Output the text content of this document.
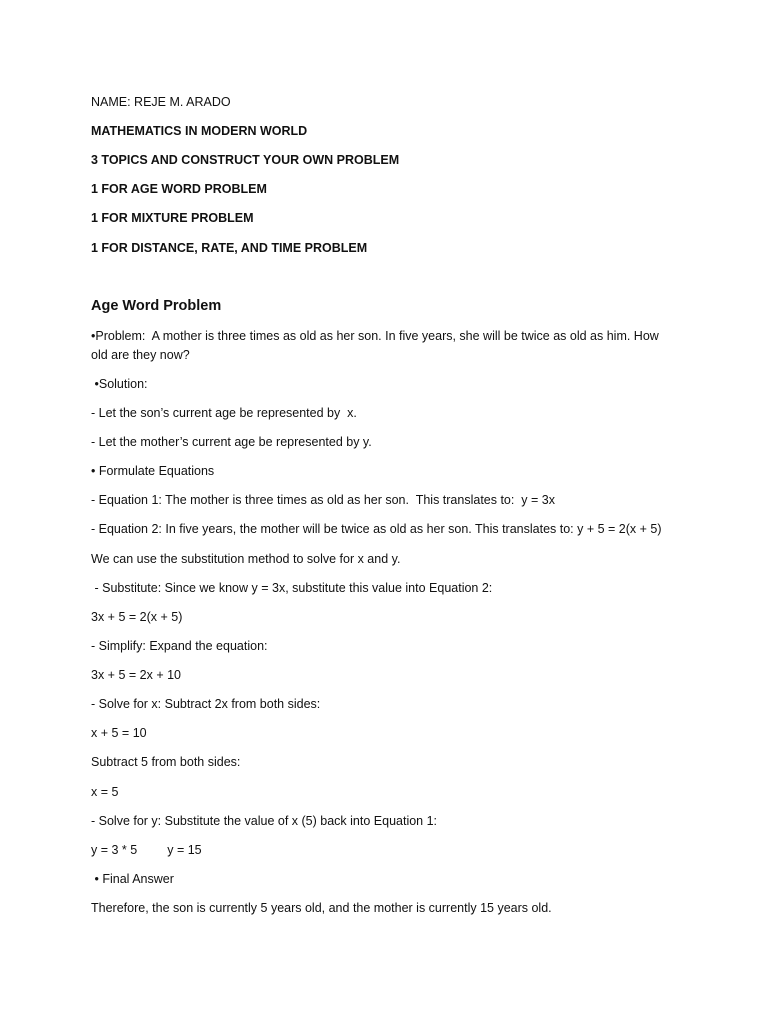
NAME: REJE M. ARADO
MATHEMATICS IN MODERN WORLD
3 TOPICS AND CONSTRUCT YOUR OWN PROBLEM
1 FOR AGE WORD PROBLEM
1 FOR MIXTURE PROBLEM
1 FOR DISTANCE, RATE, AND TIME PROBLEM
Age Word Problem
•Problem:  A mother is three times as old as her son. In five years, she will be twice as old as him. How old are they now?
•Solution:
- Let the son’s current age be represented by  x.
- Let the mother’s current age be represented by y.
• Formulate Equations
- Equation 1: The mother is three times as old as her son.  This translates to:  y = 3x
- Equation 2: In five years, the mother will be twice as old as her son. This translates to: y + 5 = 2(x + 5)
We can use the substitution method to solve for x and y.
- Substitute: Since we know y = 3x, substitute this value into Equation 2:
3x + 5 = 2(x + 5)
- Simplify: Expand the equation:
3x + 5 = 2x + 10
- Solve for x: Subtract 2x from both sides:
x + 5 = 10
Subtract 5 from both sides:
x = 5
- Solve for y: Substitute the value of x (5) back into Equation 1:
y = 3 * 5 y = 15
• Final Answer
Therefore, the son is currently 5 years old, and the mother is currently 15 years old.
